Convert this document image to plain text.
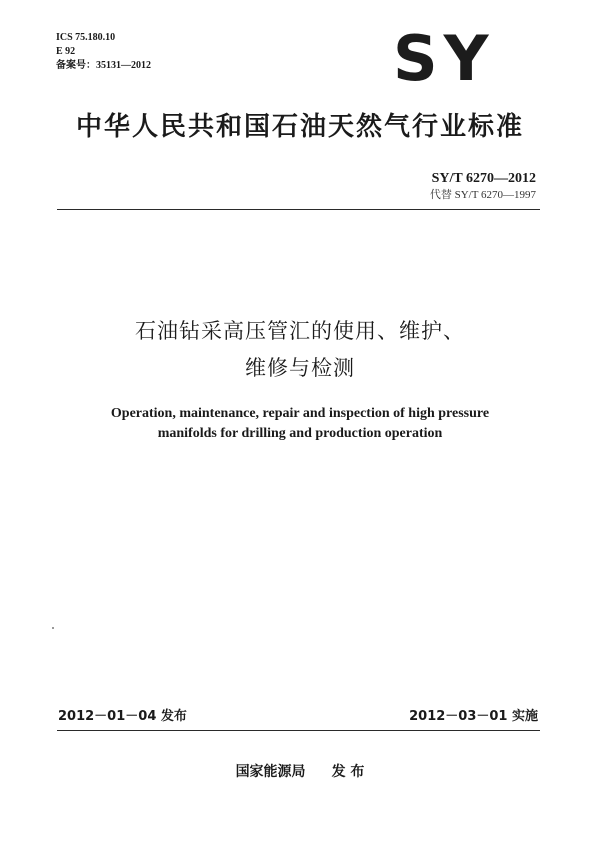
ICS 75.180.10
E 92
备案号：35131—2012	SY
中华人民共和国石油天然气行业标准
SY/T 6270—2012
代替 SY/T 6270—1997
石油钻采高压管汇的使用、维护、
维修与检测
Operation, maintenance, repair and inspection of high pressure
manifolds for drilling and production operation
2012－01－04 发布	2012－03－01 实施
国家能源局 发 布
